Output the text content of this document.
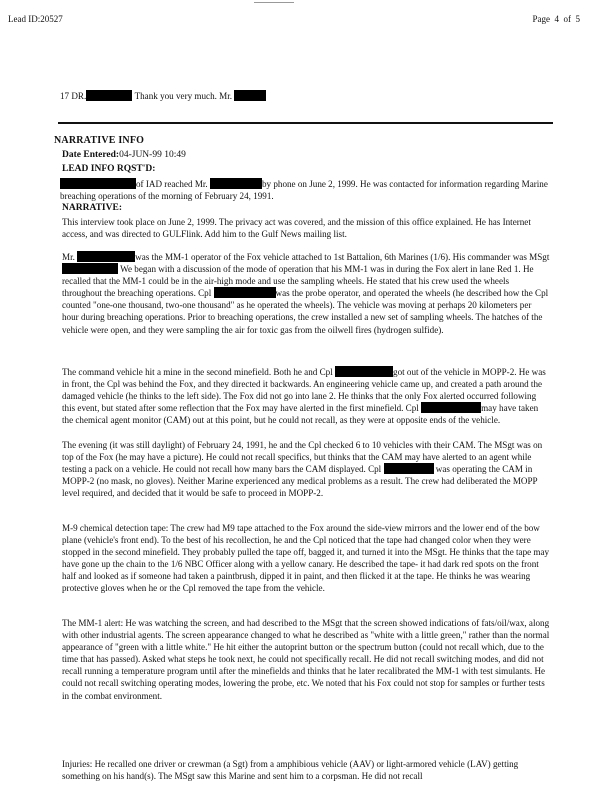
Lead ID:20527	Page 4 of 5
17 DR.	Thank you very much. Mr.
NARRATIVE INFO
Date Entered:04-JUN-99 10:49
LEAD INFO RQST'D:
of IAD reached Mr.	by phone on June 2, 1999. He was contacted for information regarding Marine breaching operations of the morning of February 24, 1991.
NARRATIVE:
This interview took place on June 2, 1999. The privacy act was covered, and the mission of this office explained. He has Internet access, and was directed to GULFlink. Add him to the Gulf News mailing list.
Mr.	was the MM-1 operator of the Fox vehicle attached to 1st Battalion, 6th Marines (1/6). His commander was MSgt  We began with a discussion of the mode of operation that his MM-1 was in during the Fox alert in lane Red 1. He recalled that the MM-1 could be in the air-high mode and use the sampling wheels. He stated that his crew used the wheels throughout the breaching operations. Cpl	was the probe operator, and operated the wheels (he described how the Cpl counted "one-one thousand, two-one thousand" as he operated the wheels). The vehicle was moving at perhaps 20 kilometers per hour during breaching operations. Prior to breaching operations, the crew installed a new set of sampling wheels. The hatches of the vehicle were open, and they were sampling the air for toxic gas from the oilwell fires (hydrogen sulfide).
The command vehicle hit a mine in the second minefield. Both he and Cpl	got out of the vehicle in MOPP-2. He was in front, the Cpl was behind the Fox, and they directed it backwards. An engineering vehicle came up, and created a path around the damaged vehicle (he thinks to the left side). The Fox did not go into lane 2. He thinks that the only Fox alerted occurred following this event, but stated after some reflection that the Fox may have alerted in the first minefield. Cpl	may have taken the chemical agent monitor (CAM) out at this point, but he could not recall, as they were at opposite ends of the vehicle.
The evening (it was still daylight) of February 24, 1991, he and the Cpl checked 6 to 10 vehicles with their CAM. The MSgt was on top of the Fox (he may have a picture). He could not recall specifics, but thinks that the CAM may have alerted to an agent while testing a pack on a vehicle. He could not recall how many bars the CAM displayed. Cpl	was operating the CAM in MOPP-2 (no mask, no gloves). Neither Marine experienced any medical problems as a result. The crew had deliberated the MOPP level required, and decided that it would be safe to proceed in MOPP-2.
M-9 chemical detection tape: The crew had M9 tape attached to the Fox around the side-view mirrors and the lower end of the bow plane (vehicle's front end). To the best of his recollection, he and the Cpl noticed that the tape had changed color when they were stopped in the second minefield. They probably pulled the tape off, bagged it, and turned it into the MSgt. He thinks that the tape may have gone up the chain to the 1/6 NBC Officer along with a yellow canary. He described the tape- it had dark red spots on the front half and looked as if someone had taken a paintbrush, dipped it in paint, and then flicked it at the tape. He thinks he was wearing protective gloves when he or the Cpl removed the tape from the vehicle.
The MM-1 alert: He was watching the screen, and had described to the MSgt that the screen showed indications of fats/oil/wax, along with other industrial agents. The screen appearance changed to what he described as "white with a little green," rather than the normal appearance of "green with a little white." He hit either the autoprint button or the spectrum button (could not recall which, due to the time that has passed). Asked what steps he took next, he could not specifically recall. He did not recall switching modes, and did not recall running a temperature program until after the minefields and thinks that he later recalibrated the MM-1 with test simulants. He could not recall switching operating modes, lowering the probe, etc. We noted that his Fox could not stop for samples or further tests in the combat environment.
Injuries: He recalled one driver or crewman (a Sgt) from a amphibious vehicle (AAV) or light-armored vehicle (LAV) getting something on his hand(s). The MSgt saw this Marine and sent him to a corpsman. He did not recall
